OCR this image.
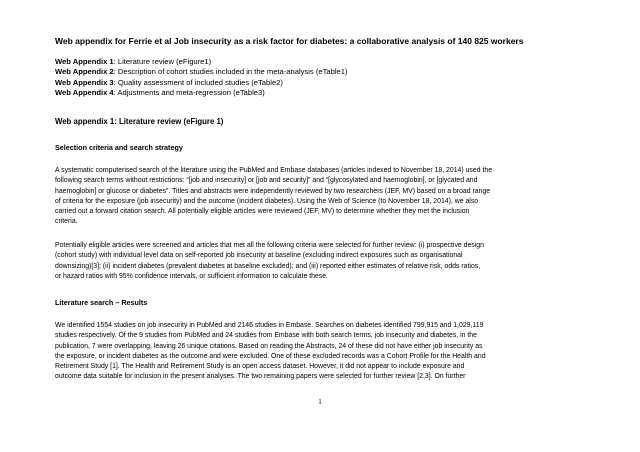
Web appendix for Ferrie et al Job insecurity as a risk factor for diabetes: a collaborative analysis of 140 825 workers
Web Appendix 1: Literature review (eFigure1)
Web Appendix 2: Description of cohort studies included in the meta-analysis (eTable1)
Web Appendix 3: Quality assessment of included studies (eTable2)
Web Appendix 4: Adjustments and meta-regression (eTable3)
Web appendix 1: Literature review (eFigure 1)
Selection criteria and search strategy
A systematic computerised search of the literature using the PubMed and Embase databases (articles indexed to November 18, 2014) used the
following search terms without restrictions: “[job and insecurity] or [job and security]” and “[glycosylated and haemoglobin], or [glycated and
haemoglobin] or glucose or diabetes”. Titles and abstracts were independently reviewed by two researchers (JEF, MV) based on a broad range
of criteria for the exposure (job insecurity) and the outcome (incident diabetes). Using the Web of Science (to November 18, 2014), we also
carried out a forward citation search. All potentially eligible articles were reviewed (JEF, MV) to determine whether they met the inclusion
criteria.
Potentially eligible articles were screened and articles that met all the following criteria were selected for further review: (i) prospective design
(cohort study) with individual level data on self-reported job insecurity at baseline (excluding indirect exposures such as organisational
downsizing)[3]; (ii) incident diabetes (prevalent diabetes at baseline excluded); and (iii) reported either estimates of relative risk, odds ratios,
or hazard ratios with 95% confidence intervals, or sufficient information to calculate these.
Literature search – Results
We identified 1554 studies on job insecurity in PubMed and 2146 studies in Embase. Searches on diabetes identified 799,915 and 1,029,119
studies respectively. Of the 9 studies from PubMed and 24 studies from Embase with both search terms, job insecurity and diabetes, in the
publication, 7 were overlapping, leaving 26 unique citations. Based on reading the Abstracts, 24 of these did not have either job insecurity as
the exposure, or incident diabetes as the outcome and were excluded. One of these excluded records was a Cohort Profile for the Health and
Retirement Study [1]. The Health and Retirement Study is an open access dataset. However, it did not appear to include exposure and
outcome data suitable for inclusion in the present analyses. The two remaining papers were selected for further review [2,3]. On further
1
